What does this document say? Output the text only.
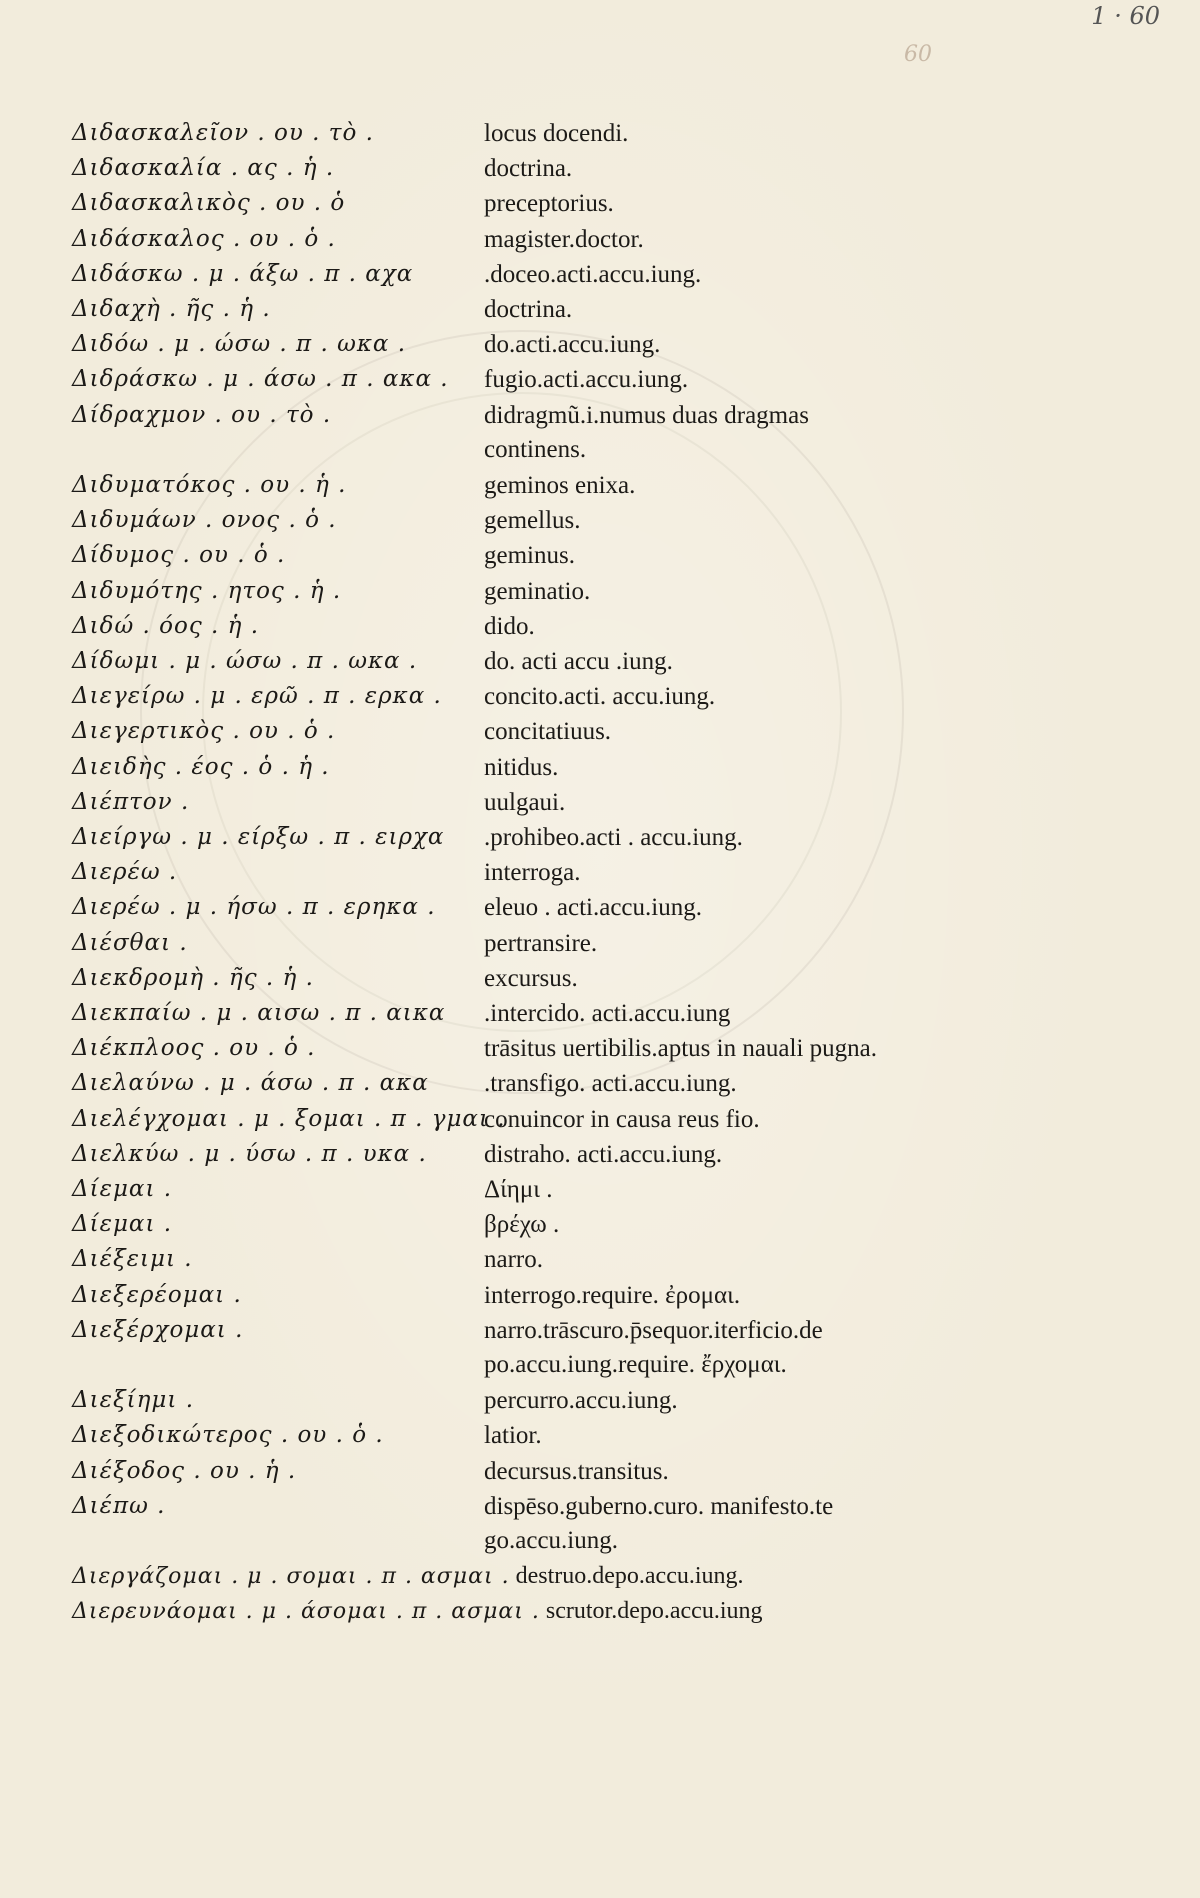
1 · 60
60
Διδασκαλεῖον . ου . τὸ .	locus docendi.
Διδασκαλία . ας . ἡ .	doctrina.
Διδασκαλικὸς . ου . ὁ	preceptorius.
Διδάσκαλος . ου . ὁ .	magister.doctor.
Διδάσκω . μ . άξω . π . αχα	.doceo.acti.accu.iung.
Διδαχὴ . ῆς . ἡ .	doctrina.
Διδόω . μ . ώσω . π . ωκα .	do.acti.accu.iung.
Διδράσκω . μ . άσω . π . ακα . fugio.acti.accu.iung.
Δίδραχμον . ου . τὸ .	didragmũ.i.numus duas dragmas
continens.
Διδυματόκος . ου . ἡ .	geminos enixa.
Διδυμάων . ονος . ὁ .	gemellus.
Δίδυμος . ου . ὁ .	geminus.
Διδυμότης . ητος . ἡ .	geminatio.
Διδώ . όος . ἡ .	dido.
Δίδωμι . μ . ώσω . π . ωκα .	do. acti accu .iung.
Διεγείρω . μ . ερῶ . π . ερκα . concito.acti. accu.iung.
Διεγερτικὸς . ου . ὁ .	concitatiuus.
Διειδὴς . έος . ὁ . ἡ .	nitidus.
Διέπτον .	uulgaui.
Διείργω . μ . είρξω . π . ειρχα .prohibeo.acti . accu.iung.
Διερέω .	interroga.
Διερέω . μ . ήσω . π . ερηκα . eleuo . acti.accu.iung.
Διέσθαι .	pertransire.
Διεκδρομὴ . ῆς . ἡ .	excursus.
Διεκπαίω . μ . αισω . π . αικα .intercido. acti.accu.iung
Διέκπλοος . ου . ὁ .	trāsitus uertibilis.aptus in nauali pugna.
Διελαύνω . μ . άσω . π . ακα .transfigo. acti.accu.iung.
Διελέγχομαι . μ . ξομαι . π . γμαι .
conuincor in causa reus fio.
Διελκύω . μ . ύσω . π . υκα . distraho. acti.accu.iung.
Δίεμαι .	Δίημι .
Δίεμαι .	βρέχω .
Διέξειμι .	narro.
Διεξερέομαι .	interrogo.require. ἐρομαι.
Διεξέρχομαι .	narro.trāscuro.p̄sequor.iterficio.de
po.accu.iung.require. ἔρχομαι.
Διεξίημι .	percurro.accu.iung.
Διεξοδικώτερος . ου . ὁ .	latior.
Διέξοδος . ου . ἡ .	decursus.transitus.
Διέπω .	dispēso.guberno.curo. manifesto.te
go.accu.iung.
Διεργάζομαι . μ . σομαι . π . ασμαι . destruo.depo.accu.iung.
Διερευνάομαι . μ . άσομαι . π . ασμαι . scrutor.depo.accu.iung
